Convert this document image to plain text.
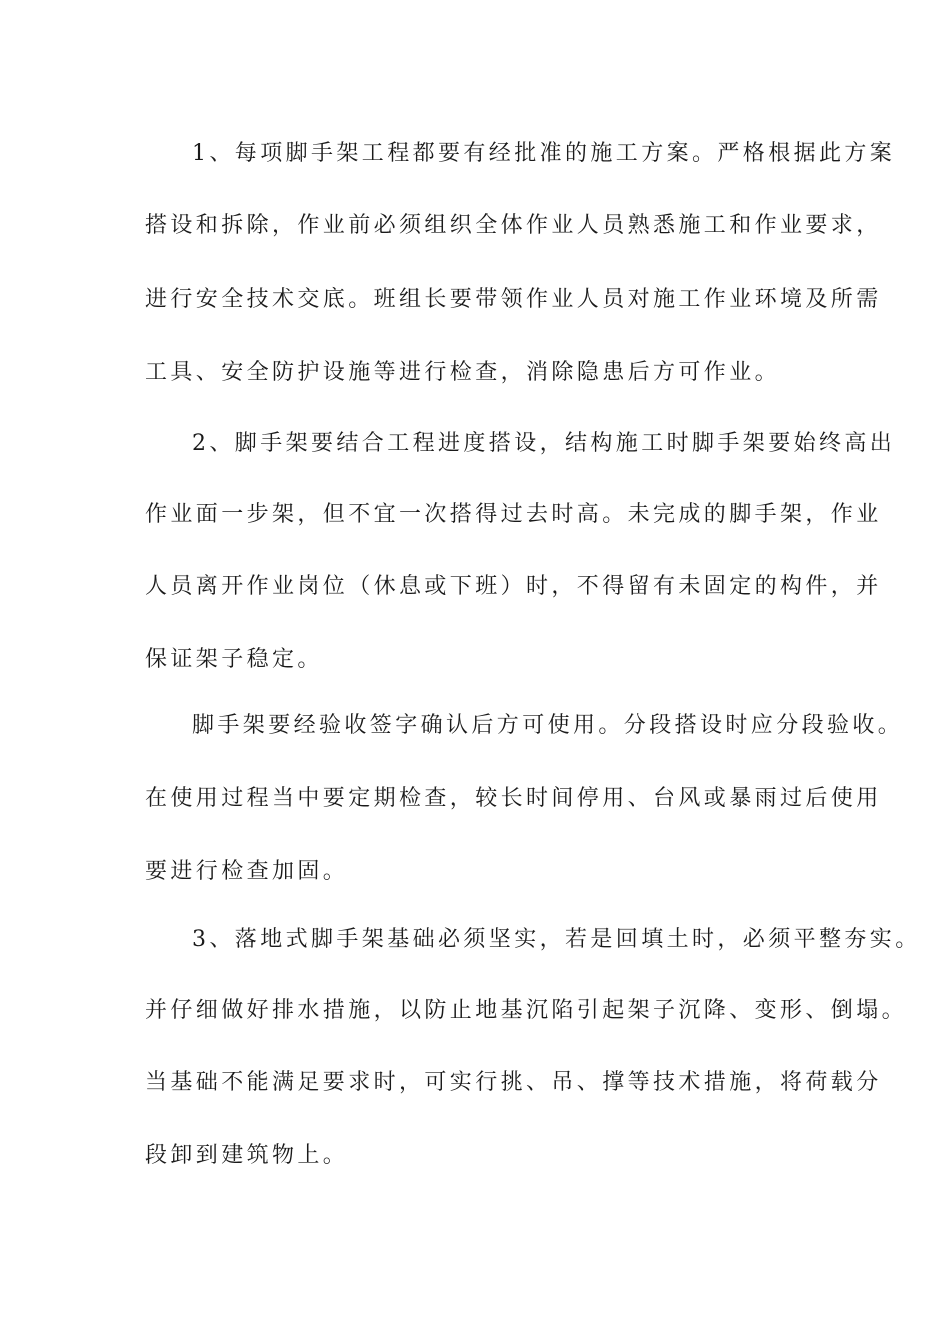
1、每项脚手架工程都要有经批准的施工方案。严格根据此方案
搭设和拆除，作业前必须组织全体作业人员熟悉施工和作业要求，
进行安全技术交底。班组长要带领作业人员对施工作业环境及所需
工具、安全防护设施等进行检查，消除隐患后方可作业。
2、脚手架要结合工程进度搭设，结构施工时脚手架要始终高出
作业面一步架，但不宜一次搭得过去时高。未完成的脚手架，作业
人员离开作业岗位（休息或下班）时，不得留有未固定的构件，并
保证架子稳定。
脚手架要经验收签字确认后方可使用。分段搭设时应分段验收。
在使用过程当中要定期检查，较长时间停用、台风或暴雨过后使用
要进行检查加固。
3、落地式脚手架基础必须坚实，若是回填土时，必须平整夯实。
并仔细做好排水措施，以防止地基沉陷引起架子沉降、变形、倒塌。
当基础不能满足要求时，可实行挑、吊、撑等技术措施，将荷载分
段卸到建筑物上。
